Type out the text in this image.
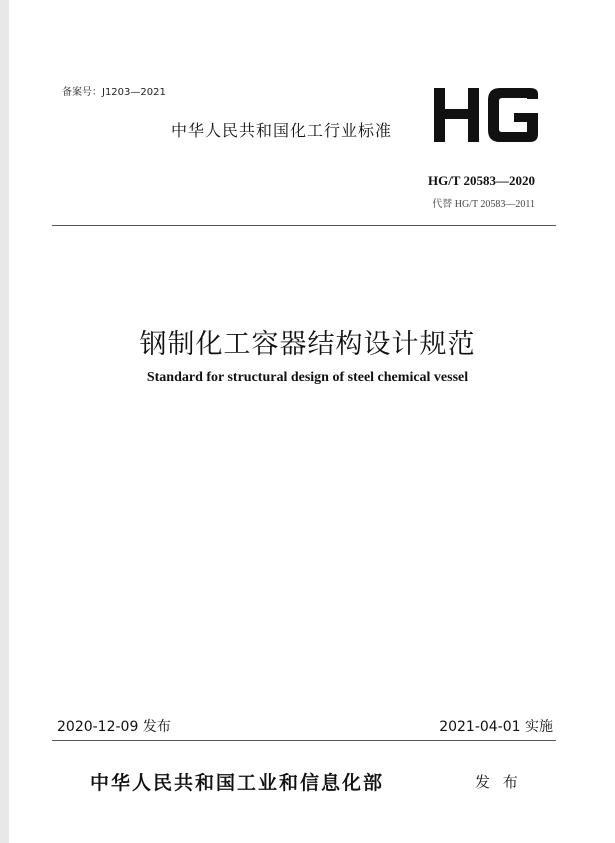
备案号：J1203—2021
中华人民共和国化工行业标准
HG/T 20583—2020
代替 HG/T 20583—2011
钢制化工容器结构设计规范
Standard for structural design of steel chemical vessel
2020-12-09 发布	2021-04-01 实施
中华人民共和国工业和信息化部	发 布
